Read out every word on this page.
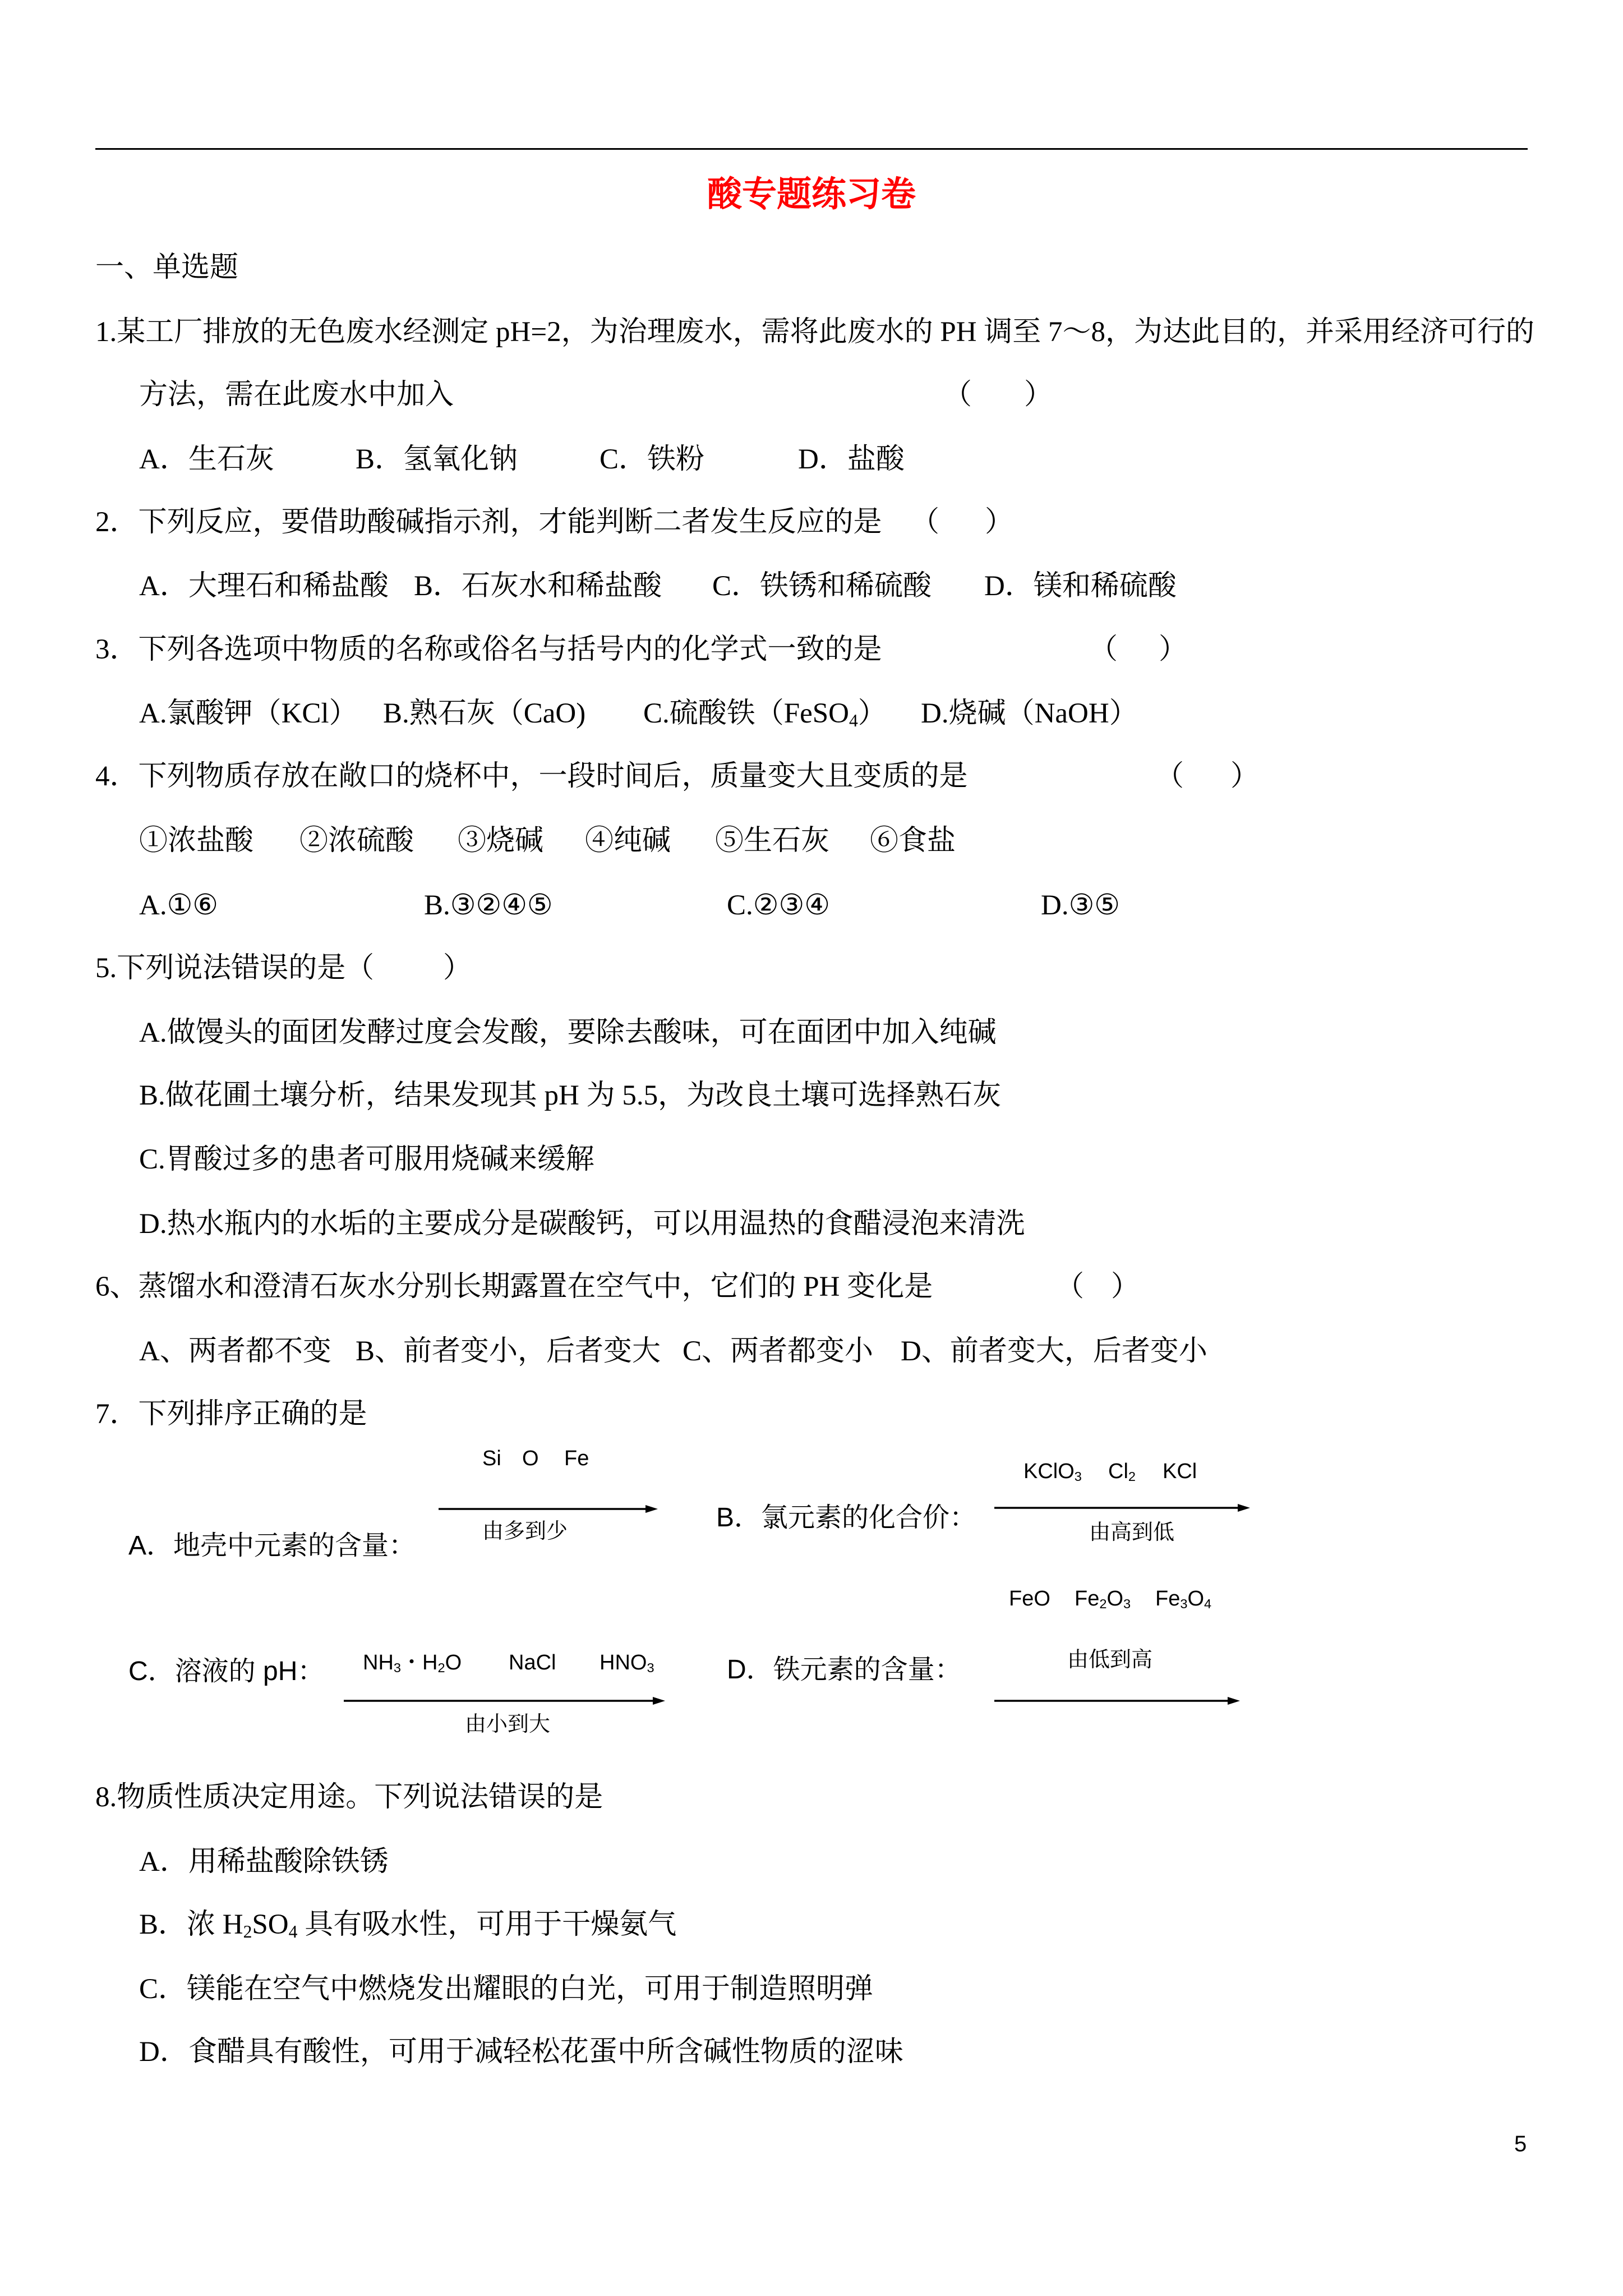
酸专题练习卷
一、单选题
1.某工厂排放的无色废水经测定 pH=2，为治理废水，需将此废水的 PH 调至 7～8，为达此目的，并采用经济可行的
方法，需在此废水中加入	（ ）
A．生石灰	B．氢氧化钠	C．铁粉	D．盐酸
2．下列反应，要借助酸碱指示剂，才能判断二者发生反应的是 （ ）
A．大理石和稀盐酸 B．石灰水和稀盐酸 C．铁锈和稀硫酸 D．镁和稀硫酸
3．下列各选项中物质的名称或俗名与括号内的化学式一致的是	（ ）
A.氯酸钾（KCl） B.熟石灰（CaO) C.硫酸铁（FeSO$_4$） D.烧碱（NaOH）
4．下列物质存放在敞口的烧杯中，一段时间后，质量变大且变质的是	（ ）
①浓盐酸 ②浓硫酸 ③烧碱 ④纯碱 ⑤生石灰 ⑥食盐
A.①⑥	B.③②④⑤	C.②③④	D.③⑤
5.下列说法错误的是 （ ）
A.做馒头的面团发酵过度会发酸，要除去酸味，可在面团中加入纯碱
B.做花圃土壤分析，结果发现其 pH 为 5.5，为改良土壤可选择熟石灰
C.胃酸过多的患者可服用烧碱来缓解
D.热水瓶内的水垢的主要成分是碳酸钙，可以用温热的食醋浸泡来清洗
6、蒸馏水和澄清石灰水分别长期露置在空气中，它们的 PH 变化是	（ ）
A、两者都不变 B、前者变小，后者变大 C、两者都变小 D、前者变大，后者变小
7．下列排序正确的是
Si O Fe
由多到少
A．地壳中元素的含量：
B．氯元素的化合价：
KClO$_3$ $Cl_2$ KCl
由高到低
FeO $Fe_2O_3$ $Fe_3O_4$
由低到高
D．铁元素的含量：
C．溶液的 pH： $NH_3$・$H_2O$ NaCl $HNO_3$
由小到大
8.物质性质决定用途。下列说法错误的是
A．用稀盐酸除铁锈
B．浓 $H_2SO_4$ 具有吸水性，可用于干燥氨气
C．镁能在空气中燃烧发出耀眼的白光，可用于制造照明弹
D．食醋具有酸性，可用于减轻松花蛋中所含碱性物质的涩味
5
